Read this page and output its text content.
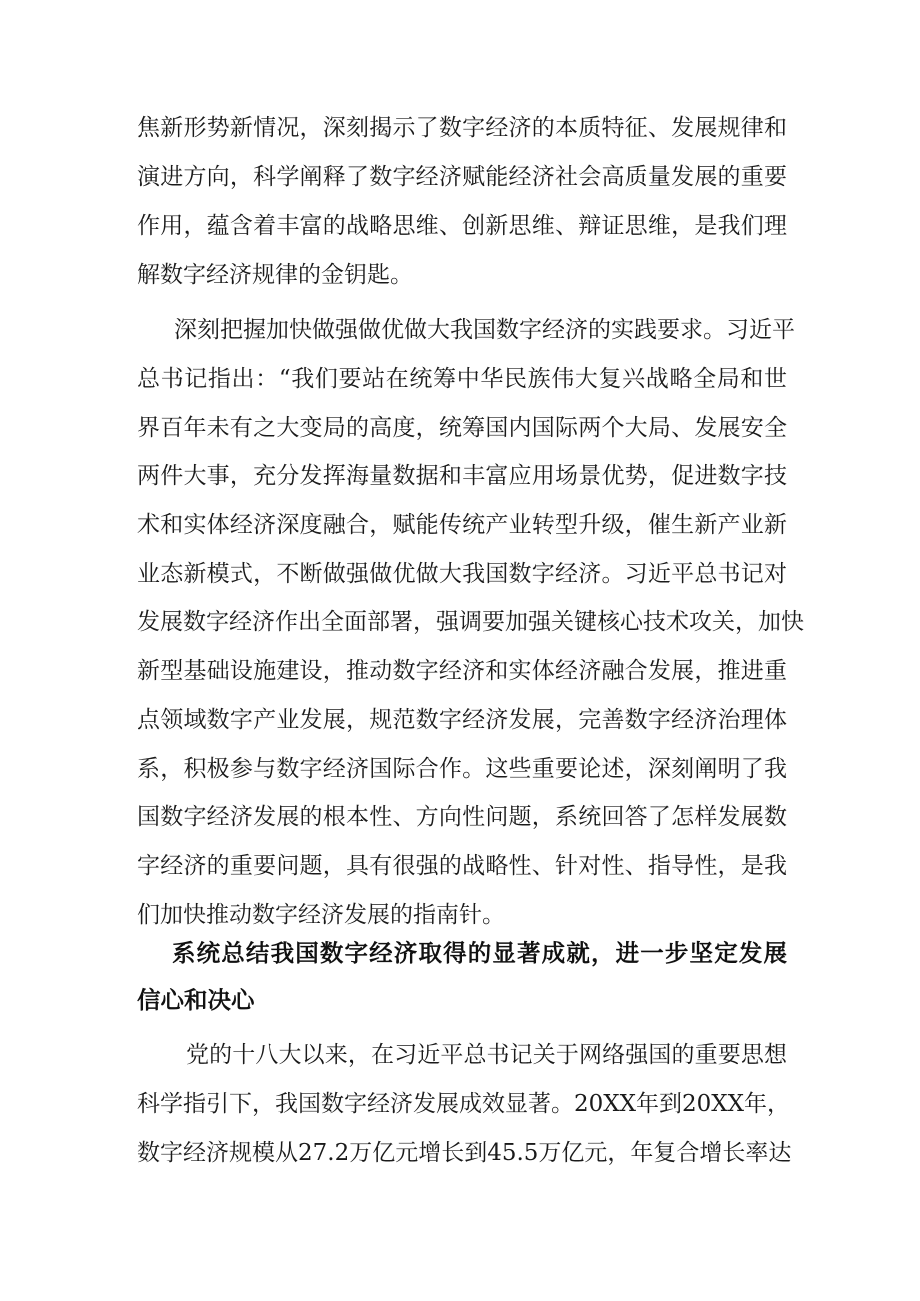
焦新形势新情况，深刻揭示了数字经济的本质特征、发展规律和
演进方向，科学阐释了数字经济赋能经济社会高质量发展的重要
作用，蕴含着丰富的战略思维、创新思维、辩证思维，是我们理
解数字经济规律的金钥匙。
深刻把握加快做强做优做大我国数字经济的实践要求。习近平
总书记指出：“我们要站在统筹中华民族伟大复兴战略全局和世
界百年未有之大变局的高度，统筹国内国际两个大局、发展安全
两件大事，充分发挥海量数据和丰富应用场景优势，促进数字技
术和实体经济深度融合，赋能传统产业转型升级，催生新产业新
业态新模式，不断做强做优做大我国数字经济。习近平总书记对
发展数字经济作出全面部署，强调要加强关键核心技术攻关，加快
新型基础设施建设，推动数字经济和实体经济融合发展，推进重
点领域数字产业发展，规范数字经济发展，完善数字经济治理体
系，积极参与数字经济国际合作。这些重要论述，深刻阐明了我
国数字经济发展的根本性、方向性问题，系统回答了怎样发展数
字经济的重要问题，具有很强的战略性、针对性、指导性，是我
们加快推动数字经济发展的指南针。
系统总结我国数字经济取得的显著成就，进一步坚定发展
信心和决心
党的十八大以来，在习近平总书记关于网络强国的重要思想
科学指引下，我国数字经济发展成效显著。20XX年到20XX年，
数字经济规模从27.2万亿元增长到45.5万亿元，年复合增长率达
